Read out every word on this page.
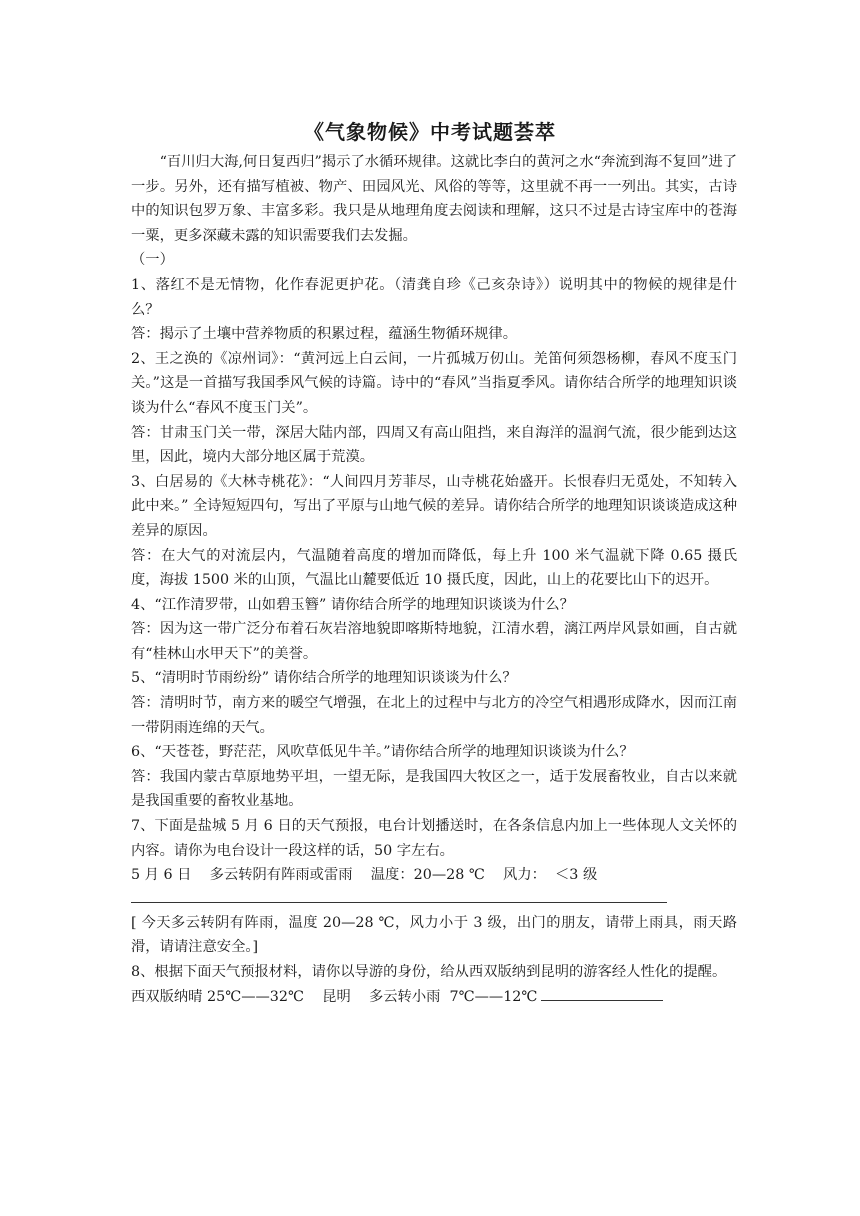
《气象物候》中考试题荟萃

“百川归大海,何日复西归”揭示了水循环规律。这就比李白的黄河之水“奔流到海不复回”进了一步。另外，还有描写植被、物产、田园风光、风俗的等等，这里就不再一一列出。其实，古诗中的知识包罗万象、丰富多彩。我只是从地理角度去阅读和理解，这只不过是古诗宝库中的苍海一粟，更多深藏未露的知识需要我们去发掘。

（一）

1、落红不是无情物，化作春泥更护花。（清龚自珍《己亥杂诗》）说明其中的物候的规律是什么？

答：揭示了土壤中营养物质的积累过程，蕴涵生物循环规律。

2、王之涣的《凉州词》：“黄河远上白云间，一片孤城万仞山。羌笛何须怨杨柳，春风不度玉门关。”这是一首描写我国季风气候的诗篇。诗中的“春风”当指夏季风。请你结合所学的地理知识谈谈为什么“春风不度玉门关”。

答：甘肃玉门关一带，深居大陆内部，四周又有高山阻挡，来自海洋的温润气流，很少能到达这里，因此，境内大部分地区属于荒漠。

3、白居易的《大林寺桃花》：“人间四月芳菲尽，山寺桃花始盛开。长恨春归无觅处，不知转入此中来。” 全诗短短四句，写出了平原与山地气候的差异。请你结合所学的地理知识谈谈造成这种差异的原因。

答：在大气的对流层内，气温随着高度的增加而降低，每上升 100 米气温就下降 0.65 摄氏度，海拔 1500 米的山顶，气温比山麓要低近 10 摄氏度，因此，山上的花要比山下的迟开。

4、“江作清罗带，山如碧玉簪” 请你结合所学的地理知识谈谈为什么？

答：因为这一带广泛分布着石灰岩溶地貌即喀斯特地貌，江清水碧，漓江两岸风景如画，自古就有“桂林山水甲天下”的美誉。

5、“清明时节雨纷纷” 请你结合所学的地理知识谈谈为什么？

答：清明时节，南方来的暖空气增强，在北上的过程中与北方的冷空气相遇形成降水，因而江南一带阴雨连绵的天气。

6、“天苍苍，野茫茫，风吹草低见牛羊。”请你结合所学的地理知识谈谈为什么？

答：我国内蒙古草原地势平坦，一望无际，是我国四大牧区之一，适于发展畜牧业，自古以来就是我国重要的畜牧业基地。

7、下面是盐城 5 月 6 日的天气预报，电台计划播送时，在各条信息内加上一些体现人文关怀的内容。请你为电台设计一段这样的话，50 字左右。

5 月 6 日    多云转阴有阵雨或雷雨    温度：20—28 ℃    风力：  ＜3 级

[ 今天多云转阴有阵雨，温度 20—28 ℃，风力小于 3 级，出门的朋友，请带上雨具，雨天路滑，请请注意安全。]

8、根据下面天气预报材料，请你以导游的身份，给从西双版纳到昆明的游客经人性化的提醒。

西双版纳晴 25℃——32℃    昆明    多云转小雨  7℃——12℃
